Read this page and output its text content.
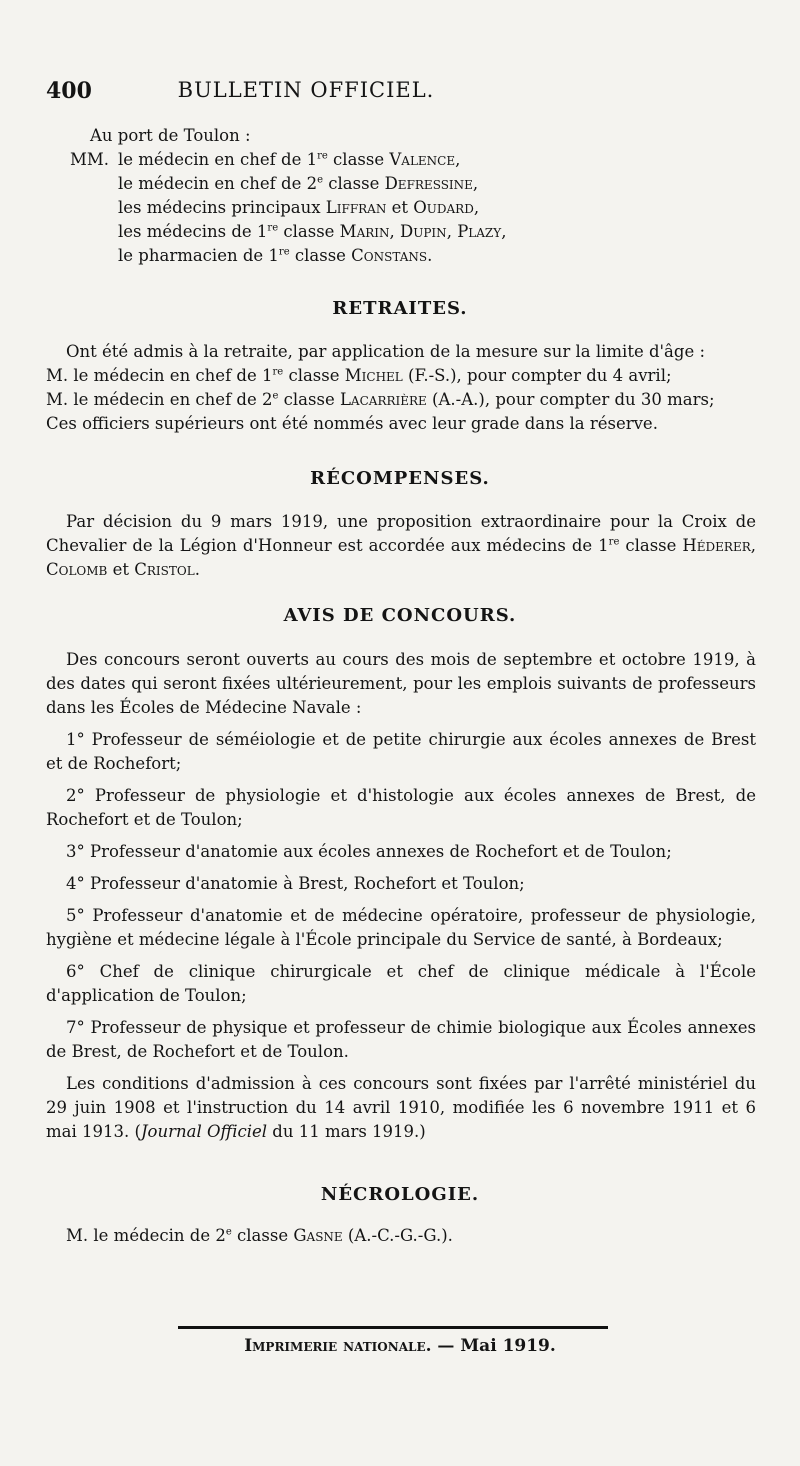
400	BULLETIN OFFICIEL.

Au port de Toulon :

MM. le médecin en chef de 1re classe Valence,

le médecin en chef de 2e classe Defressine,

les médecins principaux Liffran et Oudard,

les médecins de 1re classe Marin, Dupin, Plazy,

le pharmacien de 1re classe Constans.

RETRAITES.

Ont été admis à la retraite, par application de la mesure sur la limite d'âge :

M. le médecin en chef de 1re classe Michel (F.-S.), pour compter du 4 avril;

M. le médecin en chef de 2e classe Lacarrière (A.-A.), pour compter du 30 mars;

Ces officiers supérieurs ont été nommés avec leur grade dans la réserve.

RÉCOMPENSES.

Par décision du 9 mars 1919, une proposition extraordinaire pour la Croix de Chevalier de la Légion d'Honneur est accordée aux médecins de 1re classe Héderer, Colomb et Cristol.

AVIS DE CONCOURS.

Des concours seront ouverts au cours des mois de septembre et octobre 1919, à des dates qui seront fixées ultérieurement, pour les emplois suivants de professeurs dans les Écoles de Médecine Navale :

1° Professeur de séméiologie et de petite chirurgie aux écoles annexes de Brest et de Rochefort;

2° Professeur de physiologie et d'histologie aux écoles annexes de Brest, de Rochefort et de Toulon;

3° Professeur d'anatomie aux écoles annexes de Rochefort et de Toulon;

4° Professeur d'anatomie à Brest, Rochefort et Toulon;

5° Professeur d'anatomie et de médecine opératoire, professeur de physiologie, hygiène et médecine légale à l'École principale du Service de santé, à Bordeaux;

6° Chef de clinique chirurgicale et chef de clinique médicale à l'École d'application de Toulon;

7° Professeur de physique et professeur de chimie biologique aux Écoles annexes de Brest, de Rochefort et de Toulon.

Les conditions d'admission à ces concours sont fixées par l'arrêté ministériel du 29 juin 1908 et l'instruction du 14 avril 1910, modifiée les 6 novembre 1911 et 6 mai 1913. (Journal Officiel du 11 mars 1919.)

NÉCROLOGIE.

M. le médecin de 2e classe Gasne (A.-C.-G.-G.).

Imprimerie nationale. — Mai 1919.
